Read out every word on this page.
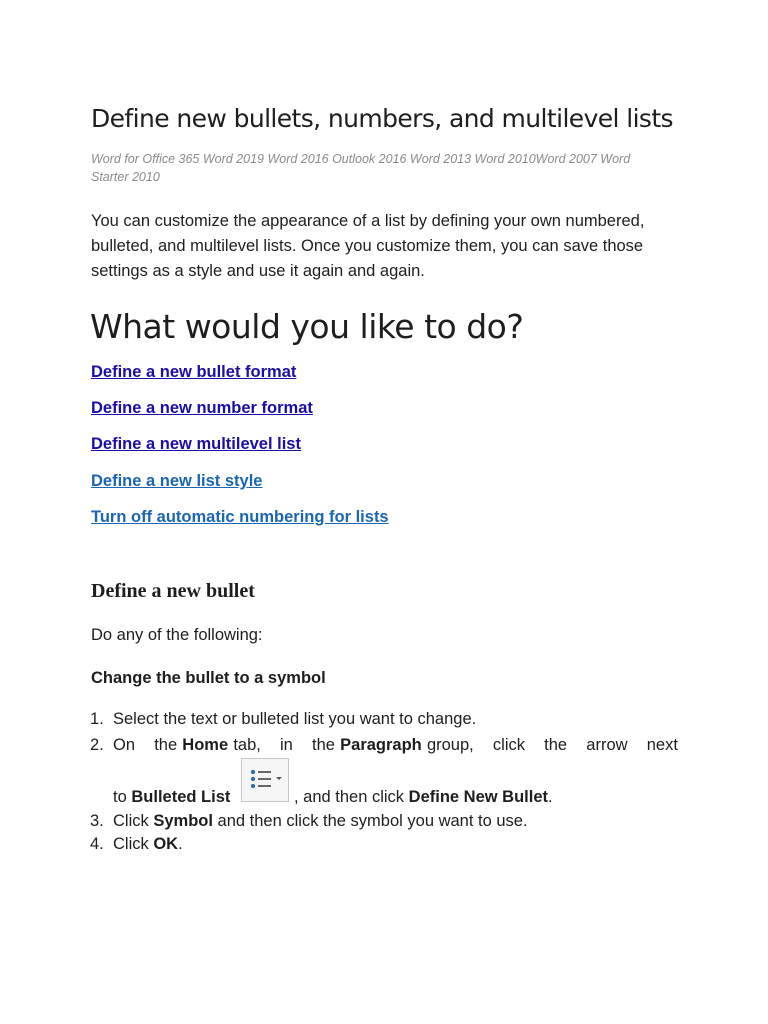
Define new bullets, numbers, and multilevel lists

Word for Office 365 Word 2019 Word 2016 Outlook 2016 Word 2013 Word 2010Word 2007 Word Starter 2010

You can customize the appearance of a list by defining your own numbered, bulleted, and multilevel lists. Once you customize them, you can save those settings as a style and use it again and again.

What would you like to do?
Define a new bullet format
Define a new number format
Define a new multilevel list
Define a new list style
Turn off automatic numbering for lists
Define a new bullet

Do any of the following:

Change the bullet to a symbol

1. Select the text or bulleted list you want to change.
2. On the Home tab, in the Paragraph group, click the arrow next
to Bulleted List	, and then click Define New Bullet.
3. Click Symbol and then click the symbol you want to use.
4. Click OK.
